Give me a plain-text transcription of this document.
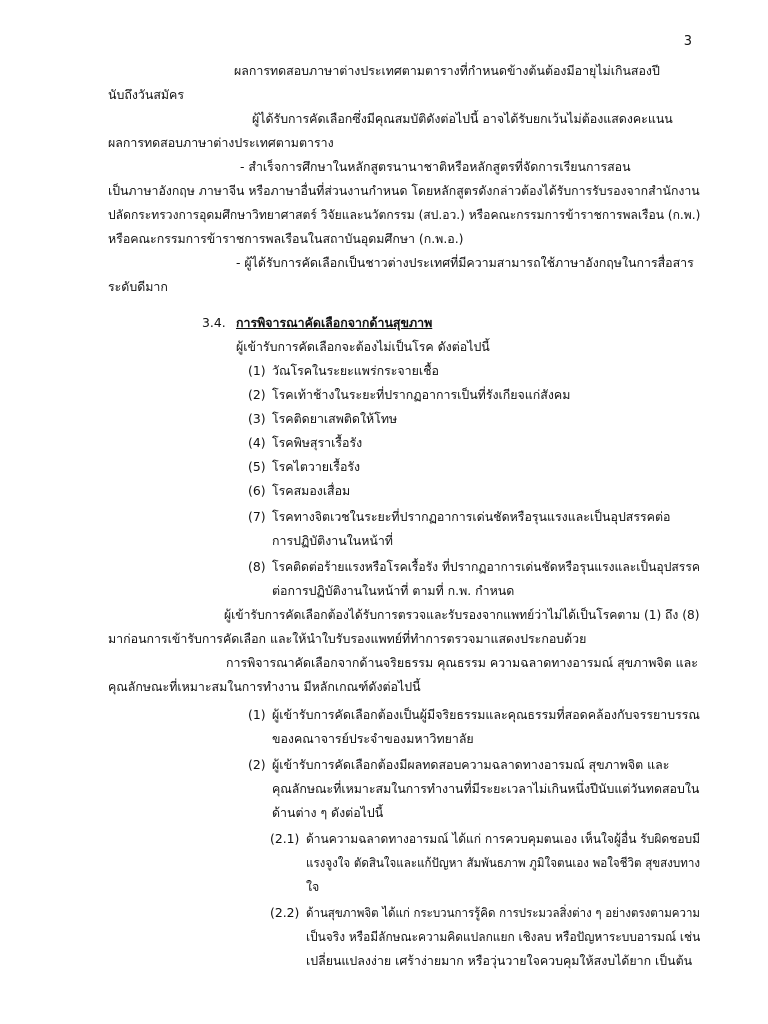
3
ผลการทดสอบภาษาต่างประเทศตามตารางที่กำหนดข้างต้นต้องมีอายุไม่เกินสองปี
นับถึงวันสมัคร
ผู้ได้รับการคัดเลือกซึ่งมีคุณสมบัติดังต่อไปนี้ อาจได้รับยกเว้นไม่ต้องแสดงคะแนน
ผลการทดสอบภาษาต่างประเทศตามตาราง
- สำเร็จการศึกษาในหลักสูตรนานาชาติหรือหลักสูตรที่จัดการเรียนการสอน
เป็นภาษาอังกฤษ ภาษาจีน หรือภาษาอื่นที่ส่วนงานกำหนด โดยหลักสูตรดังกล่าวต้องได้รับการรับรองจากสำนักงาน
ปลัดกระทรวงการอุดมศึกษาวิทยาศาสตร์ วิจัยและนวัตกรรม (สป.อว.) หรือคณะกรรมการข้าราชการพลเรือน (ก.พ.)
หรือคณะกรรมการข้าราชการพลเรือนในสถาบันอุดมศึกษา (ก.พ.อ.)
- ผู้ได้รับการคัดเลือกเป็นชาวต่างประเทศที่มีความสามารถใช้ภาษาอังกฤษในการสื่อสาร
ระดับดีมาก
3.4. การพิจารณาคัดเลือกจากด้านสุขภาพ
ผู้เข้ารับการคัดเลือกจะต้องไม่เป็นโรค ดังต่อไปนี้
(1) วัณโรคในระยะแพร่กระจายเชื้อ
(2) โรคเท้าช้างในระยะที่ปรากฏอาการเป็นที่รังเกียจแก่สังคม
(3) โรคติดยาเสพติดให้โทษ
(4) โรคพิษสุราเรื้อรัง
(5) โรคไตวายเรื้อรัง
(6) โรคสมองเสื่อม
(7) โรคทางจิตเวชในระยะที่ปรากฏอาการเด่นชัดหรือรุนแรงและเป็นอุปสรรคต่อ
การปฏิบัติงานในหน้าที่
(8) โรคติดต่อร้ายแรงหรือโรคเรื้อรัง ที่ปรากฏอาการเด่นชัดหรือรุนแรงและเป็นอุปสรรค
ต่อการปฏิบัติงานในหน้าที่ ตามที่ ก.พ. กำหนด
ผู้เข้ารับการคัดเลือกต้องได้รับการตรวจและรับรองจากแพทย์ว่าไม่ได้เป็นโรคตาม (1) ถึง (8)
มาก่อนการเข้ารับการคัดเลือก และให้นำใบรับรองแพทย์ที่ทำการตรวจมาแสดงประกอบด้วย
การพิจารณาคัดเลือกจากด้านจริยธรรม คุณธรรม ความฉลาดทางอารมณ์ สุขภาพจิต และ
คุณลักษณะที่เหมาะสมในการทำงาน มีหลักเกณฑ์ดังต่อไปนี้
(1) ผู้เข้ารับการคัดเลือกต้องเป็นผู้มีจริยธรรมและคุณธรรมที่สอดคล้องกับจรรยาบรรณ
ของคณาจารย์ประจำของมหาวิทยาลัย
(2) ผู้เข้ารับการคัดเลือกต้องมีผลทดสอบความฉลาดทางอารมณ์ สุขภาพจิต และ
คุณลักษณะที่เหมาะสมในการทำงานที่มีระยะเวลาไม่เกินหนึ่งปีนับแต่วันทดสอบใน
ด้านต่าง ๆ ดังต่อไปนี้
(2.1) ด้านความฉลาดทางอารมณ์ ได้แก่ การควบคุมตนเอง เห็นใจผู้อื่น รับผิดชอบมี
แรงจูงใจ ตัดสินใจและแก้ปัญหา สัมพันธภาพ ภูมิใจตนเอง พอใจชีวิต สุขสงบทาง
ใจ
(2.2) ด้านสุขภาพจิต ได้แก่ กระบวนการรู้คิด การประมวลสิ่งต่าง ๆ อย่างตรงตามความ
เป็นจริง หรือมีลักษณะความคิดแปลกแยก เชิงลบ หรือปัญหาระบบอารมณ์ เช่น
เปลี่ยนแปลงง่าย เศร้าง่ายมาก หรือวุ่นวายใจควบคุมให้สงบได้ยาก เป็นต้น
